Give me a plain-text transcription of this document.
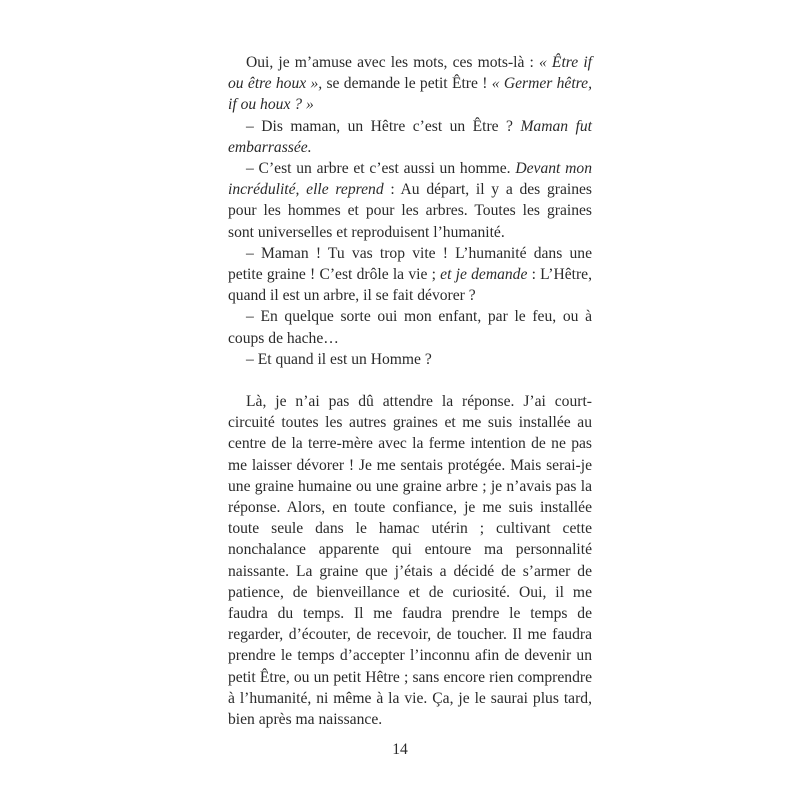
Oui, je m’amuse avec les mots, ces mots-là : « Être if ou être houx », se demande le petit Être ! « Germer hêtre, if ou houx ? »

– Dis maman, un Hêtre c’est un Être ? Maman fut embarrassée.

– C’est un arbre et c’est aussi un homme. Devant mon incrédulité, elle reprend : Au départ, il y a des graines pour les hommes et pour les arbres. Toutes les graines sont universelles et reproduisent l’humanité.

– Maman ! Tu vas trop vite ! L’humanité dans une petite graine ! C’est drôle la vie ; et je demande : L’Hêtre, quand il est un arbre, il se fait dévorer ?

– En quelque sorte oui mon enfant, par le feu, ou à coups de hache…

– Et quand il est un Homme ?

Là, je n’ai pas dû attendre la réponse. J’ai court-circuité toutes les autres graines et me suis installée au centre de la terre-mère avec la ferme intention de ne pas me laisser dévorer ! Je me sentais protégée. Mais serai-je une graine humaine ou une graine arbre ; je n’avais pas la réponse. Alors, en toute confiance, je me suis installée toute seule dans le hamac utérin ; cultivant cette nonchalance apparente qui entoure ma personnalité naissante. La graine que j’étais a décidé de s’armer de patience, de bienveillance et de curiosité. Oui, il me faudra du temps. Il me faudra prendre le temps de regarder, d’écouter, de recevoir, de toucher. Il me faudra prendre le temps d’accepter l’inconnu afin de devenir un petit Être, ou un petit Hêtre ; sans encore rien comprendre à l’humanité, ni même à la vie. Ça, je le saurai plus tard, bien après ma naissance.

14
